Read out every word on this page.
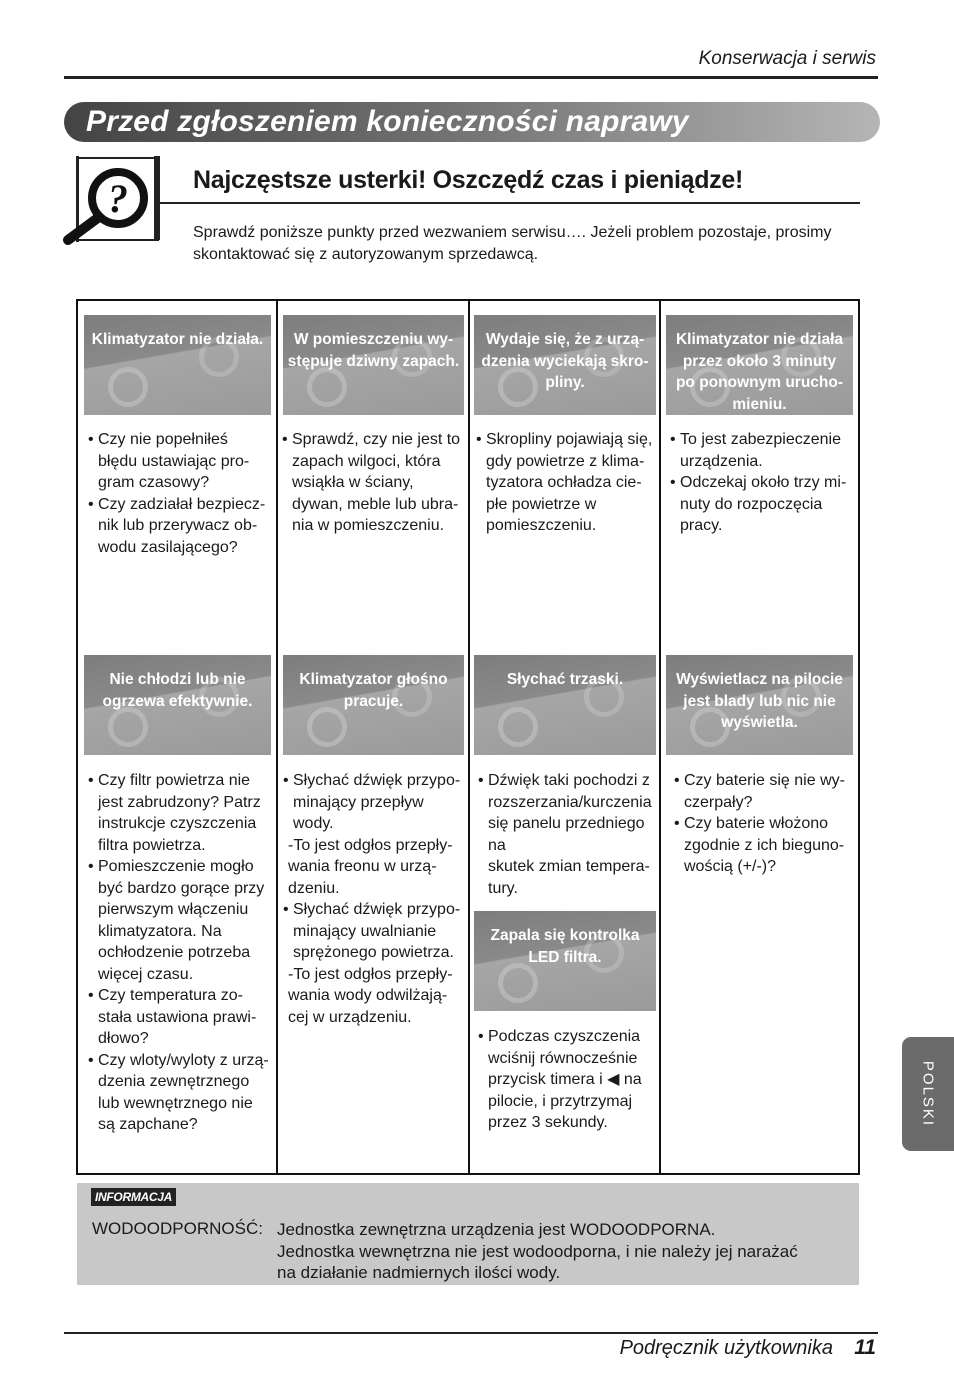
Konserwacja i serwis
Przed zgłoszeniem konieczności naprawy
?	Najczęstsze usterki! Oszczędź czas i pieniądze!
Sprawdź poniższe punkty przed wezwaniem serwisu…. Jeżeli problem pozostaje, prosimy skontaktować się z autoryzowanym sprzedawcą.
Klimatyzator nie działa.
• Czy nie popełniłeś
błędu ustawiając pro-
gram czasowy?
• Czy zadziałał bezpiecz-
nik lub przerywacz ob-
wodu zasilającego?
W pomieszczeniu wy-
stępuje dziwny zapach.
• Sprawdź, czy nie jest to
zapach wilgoci, która
wsiąkła w ściany,
dywan, meble lub ubra-
nia w pomieszczeniu.
Wydaje się, że z urzą-
dzenia wyciekają skro-
pliny.
• Skropliny pojawiają się,
gdy powietrze z klima-
tyzatora ochładza cie-
płe powietrze w
pomieszczeniu.
Klimatyzator nie działa
przez około 3 minuty
po ponownym urucho-
mieniu.
• To jest zabezpieczenie
urządzenia.
• Odczekaj około trzy mi-
nuty do rozpoczęcia
pracy.
Nie chłodzi lub nie
ogrzewa efektywnie.
• Czy filtr powietrza nie
jest zabrudzony? Patrz
instrukcje czyszczenia
filtra powietrza.
• Pomieszczenie mogło
być bardzo gorące przy
pierwszym włączeniu
klimatyzatora. Na
ochłodzenie potrzeba
więcej czasu.
• Czy temperatura zo-
stała ustawiona prawi-
dłowo?
• Czy wloty/wyloty z urzą-
dzenia zewnętrznego
lub wewnętrznego nie
są zapchane?
Klimatyzator głośno
pracuje.
• Słychać dźwięk przypo-
minający przepływ
wody.
-To jest odgłos przepły-
wania freonu w urzą-
dzeniu.
• Słychać dźwięk przypo-
minający uwalnianie
sprężonego powietrza.
-To jest odgłos przepły-
wania wody odwilżają-
cej w urządzeniu.
Słychać trzaski.
• Dźwięk taki pochodzi z
rozszerzania/kurczenia
się panelu przedniego na
skutek zmian tempera-
tury.
Zapala się kontrolka
LED filtra.
• Podczas czyszczenia
wciśnij równocześnie
przycisk timera i ◀ na
pilocie, i przytrzymaj
przez 3 sekundy.
Wyświetlacz na pilocie
jest blady lub nic nie
wyświetla.
• Czy baterie się nie wy-
czerpały?
• Czy baterie włożono
zgodnie z ich bieguno-
wością (+/-)?
INFORMACJA
WODOODPORNOŚĆ: Jednostka zewnętrzna urządzenia jest WODOODPORNA.
Jednostka wewnętrzna nie jest wodoodporna, i nie należy jej narażać
na działanie nadmiernych ilości wody.
POLSKI
Podręcznik użytkownika 11
